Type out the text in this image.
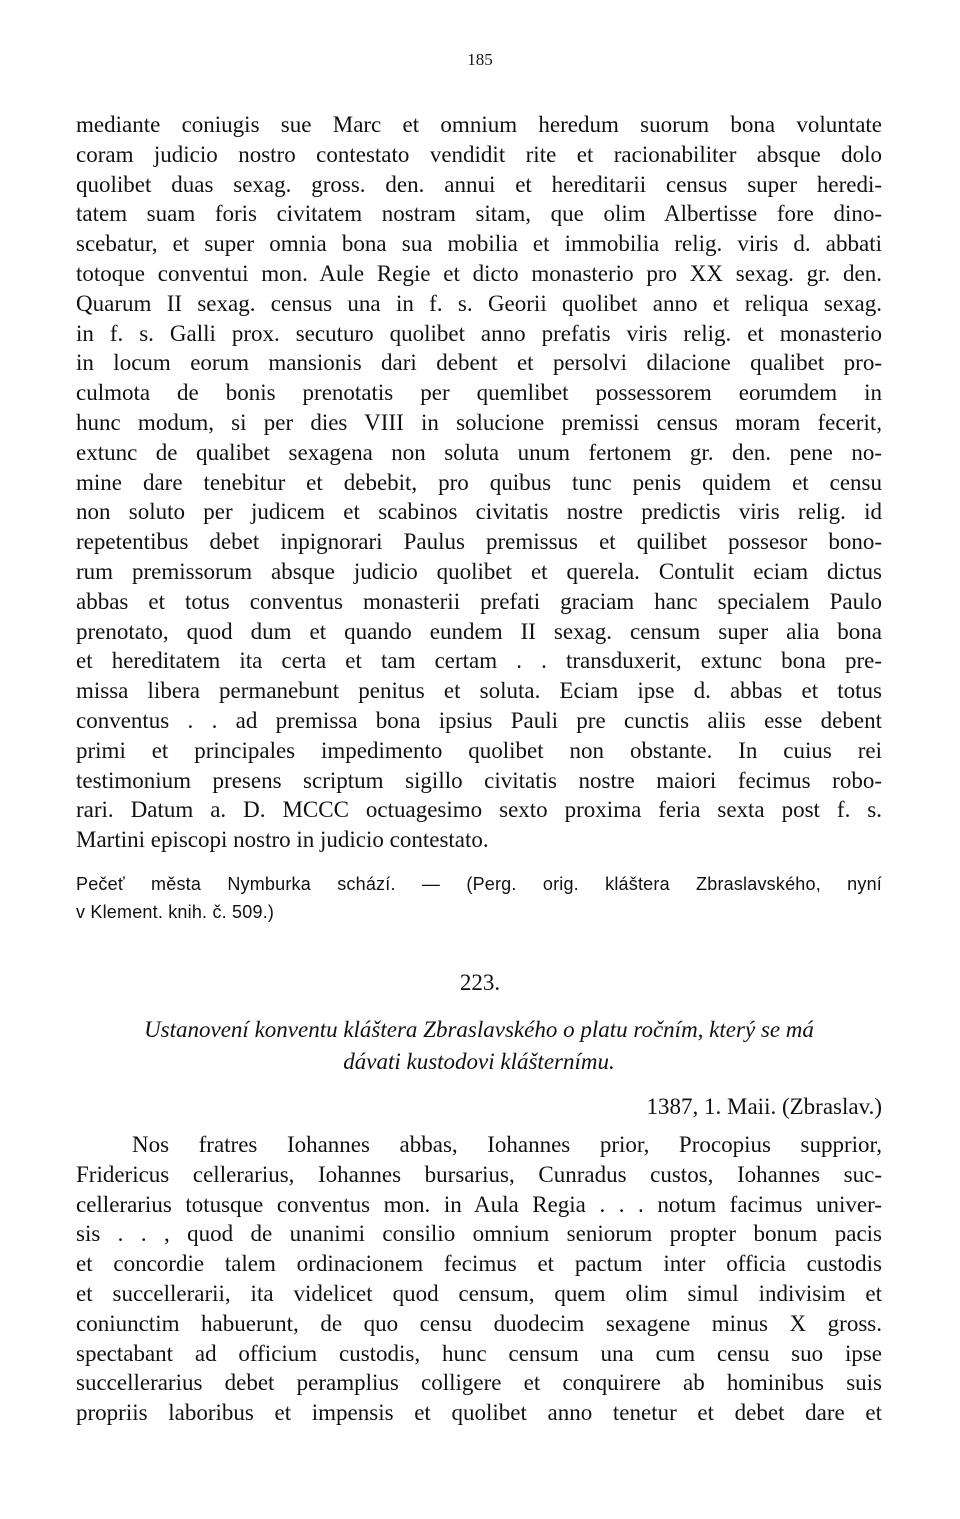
185
mediante coniugis sue Marc et omnium heredum suorum bona voluntate
coram judicio nostro contestato vendidit rite et racionabiliter absque dolo
quolibet duas sexag. gross. den. annui et hereditarii census super heredi-
tatem suam foris civitatem nostram sitam, que olim Albertisse fore dino-
scebatur, et super omnia bona sua mobilia et immobilia relig. viris d. abbati
totoque conventui mon. Aule Regie et dicto monasterio pro XX sexag. gr. den.
Quarum II sexag. census una in f. s. Georii quolibet anno et reliqua sexag.
in f. s. Galli prox. secuturo quolibet anno prefatis viris relig. et monasterio
in locum eorum mansionis dari debent et persolvi dilacione qualibet pro-
culmota de bonis prenotatis per quemlibet possessorem eorumdem in
hunc modum, si per dies VIII in solucione premissi census moram fecerit,
extunc de qualibet sexagena non soluta unum fertonem gr. den. pene no-
mine dare tenebitur et debebit, pro quibus tunc penis quidem et censu
non soluto per judicem et scabinos civitatis nostre predictis viris relig. id
repetentibus debet inpignorari Paulus premissus et quilibet possesor bono-
rum premissorum absque judicio quolibet et querela. Contulit eciam dictus
abbas et totus conventus monasterii prefati graciam hanc specialem Paulo
prenotato, quod dum et quando eundem II sexag. censum super alia bona
et hereditatem ita certa et tam certam . . transduxerit, extunc bona pre-
missa libera permanebunt penitus et soluta. Eciam ipse d. abbas et totus
conventus . . ad premissa bona ipsius Pauli pre cunctis aliis esse debent
primi et principales impedimento quolibet non obstante. In cuius rei
testimonium presens scriptum sigillo civitatis nostre maiori fecimus robo-
rari. Datum a. D. MCCC octuagesimo sexto proxima feria sexta post f. s.
Martini episcopi nostro in judicio contestato.
Pečeť města Nymburka schází. — (Perg. orig. kláštera Zbraslavského, nyní
v Klement. knih. č. 509.)
223.
Ustanovení konventu kláštera Zbraslavského o platu ročním, který se má
dávati kustodovi klášternímu.
1387, 1. Maii. (Zbraslav.)
Nos fratres Iohannes abbas, Iohannes prior, Procopius supprior,
Fridericus cellerarius, Iohannes bursarius, Cunradus custos, Iohannes suc-
cellerarius totusque conventus mon. in Aula Regia . . . notum facimus univer-
sis . . , quod de unanimi consilio omnium seniorum propter bonum pacis
et concordie talem ordinacionem fecimus et pactum inter officia custodis
et succellerarii, ita videlicet quod censum, quem olim simul indivisim et
coniunctim habuerunt, de quo censu duodecim sexagene minus X gross.
spectabant ad officium custodis, hunc censum una cum censu suo ipse
succellerarius debet peramplius colligere et conquirere ab hominibus suis
propriis laboribus et impensis et quolibet anno tenetur et debet dare et
